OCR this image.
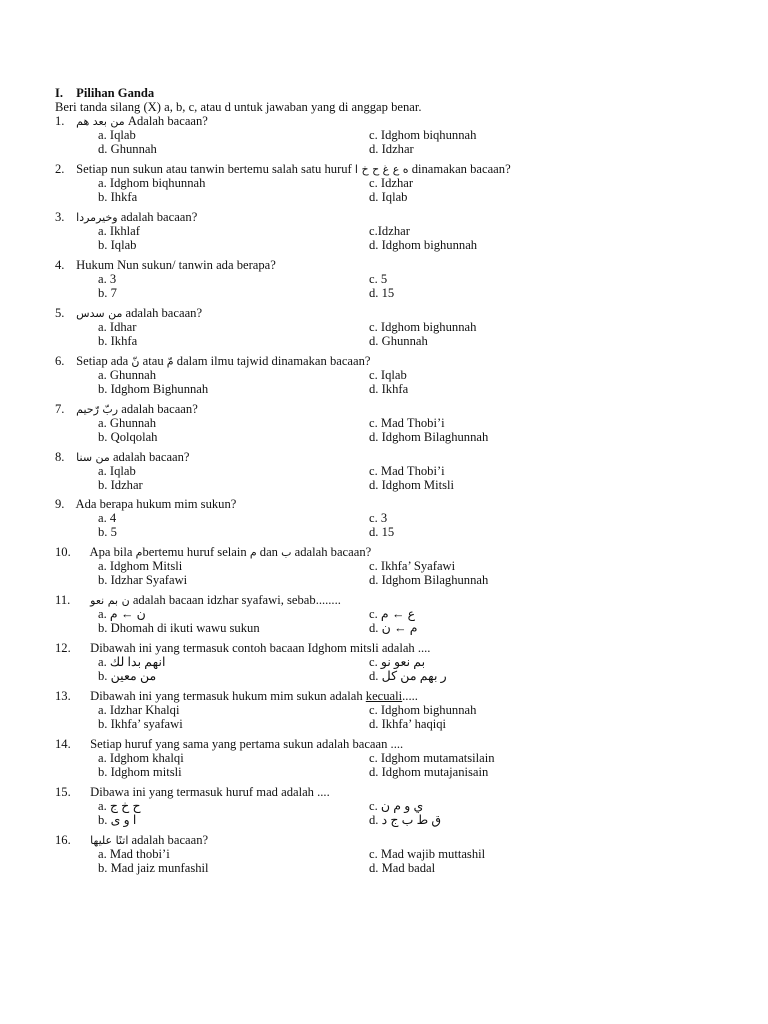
I. Pilihan Ganda
Beri tanda silang (X) a, b, c, atau d untuk jawaban yang di anggap benar.
1. من بعد هم Adalah bacaan?
a. Iqlab	c. Idghom biqhunnah
d. Ghunnah	d. Idzhar
2. Setiap nun sukun atau tanwin bertemu salah satu huruf ه ع غ ح خ ا dinamakan bacaan?
a. Idghom biqhunnah	c. Idzhar
b. Ihkfa	d. Iqlab
3. وخيرمردا adalah bacaan?
a. Ikhlaf	c.Idzhar
b. Iqlab	d. Idghom bighunnah
4. Hukum Nun sukun/ tanwin ada berapa?
a. 3	c. 5
b. 7	d. 15
5. من سدس adalah bacaan?
a. Idhar	c. Idghom bighunnah
b. Ikhfa	d. Ghunnah
6. Setiap ada نّ atau مّ dalam ilmu tajwid dinamakan bacaan?
a. Ghunnah	c. Iqlab
b. Idghom Bighunnah	d. Ikhfa
7. ربّ رّحيم adalah bacaan?
a. Ghunnah	c. Mad Thobi’i
b. Qolqolah	d. Idghom Bilaghunnah
8. من سنا adalah bacaan?
a. Iqlab	c. Mad Thobi’i
b. Idzhar	d. Idghom Mitsli
9. Ada berapa hukum mim sukun?
a. 4	c. 3
b. 5	d. 15
10. Apa bila مbertemu huruf selain م dan ب adalah bacaan?
a. Idghom Mitsli	c. Ikhfa’ Syafawi
b. Idzhar Syafawi	d. Idghom Bilaghunnah
11. ن بم نعو adalah bacaan idzhar syafawi, sebab........
a. ن ← م	c. ع ← م
b. Dhomah di ikuti wawu sukun	d. م ← ن
12. Dibawah ini yang termasuk contoh bacaan Idghom mitsli adalah ....
a. انهم بدا لك	c. بم نعو نو
b. من معين	d. ر بهم من كل
13. Dibawah ini yang termasuk hukum mim sukun adalah kecuali.....
a. Idzhar Khalqi	c. Idghom bighunnah
b. Ikhfa’ syafawi	d. Ikhfa’ haqiqi
14. Setiap huruf yang sama yang pertama sukun adalah bacaan ....
a. Idghom khalqi	c. Idghom mutamatsilain
b. Idghom mitsli	d. Idghom mutajanisain
15. Dibawa ini yang termasuk huruf mad adalah ....
a. ح خ ج	c. ي و م ن
b. ا و ى	d. ق ط ب ج د
16. اتنًا عليها adalah bacaan?
a. Mad thobi’i	c. Mad wajib muttashil
b. Mad jaiz munfashil	d. Mad badal
